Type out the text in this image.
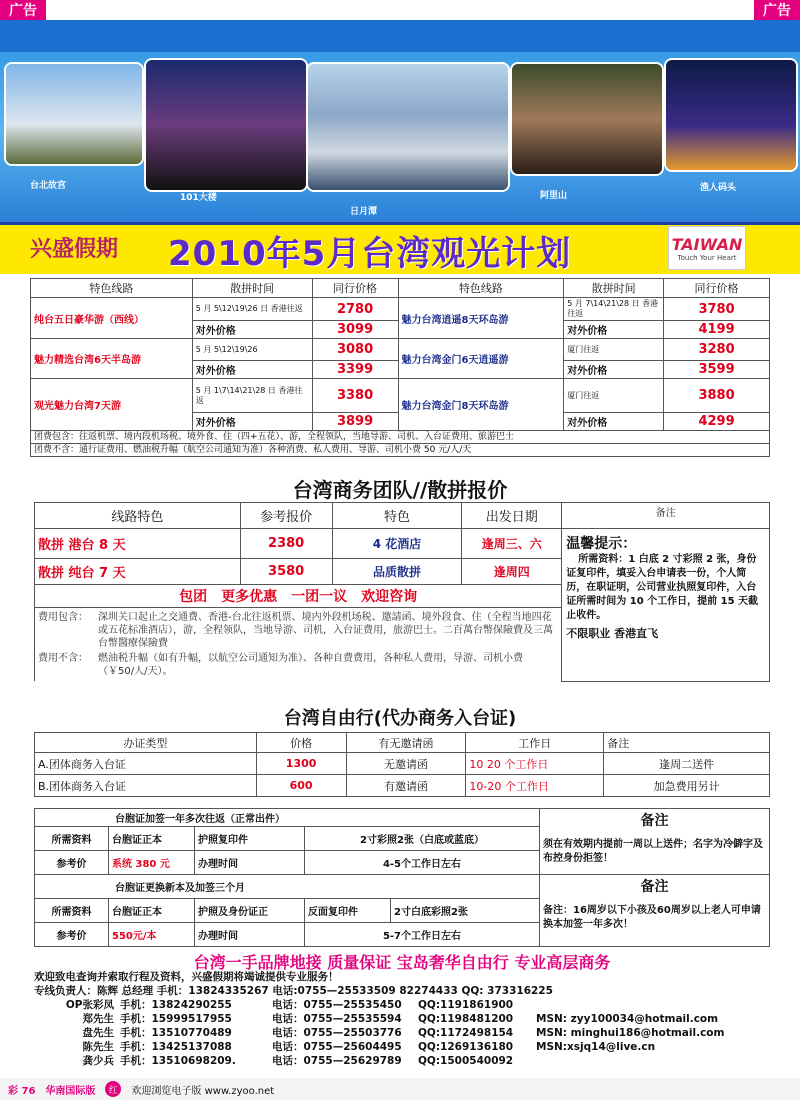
广告	广告
台北故宫
101大楼
日月潭
阿里山
渔人码头
兴盛假期 2010年5月台湾观光计划	TAIWAN
Touch Your Heart
特色线路	散拼时间	同行价格	特色线路	散拼时间	同行价格
纯台五日豪华游（西线）	5 月 5\12\19\26 日 香港往返	2780	魅力台湾逍遥8天环岛游	5 月 7\14\21\28 日 香港往返	3780
	对外价格	3099		对外价格	4199
魅力精选台湾6天半岛游	5 月 5\12\19\26	3080	魅力台湾金门6天逍遥游	厦门往返	3280
	对外价格	3399		对外价格	3599
观光魅力台湾7天游	5 月 1\7\14\21\28 日 香港往返	3380	魅力台湾金门8天环岛游	厦门往返	3880
	对外价格	3899		对外价格	4299
团费包含：往返机票、境内段机场税、境外食、住（四+五花）、游，全程领队，当地导游、司机、入台证费用、旅游巴士					
团费不含：通行证费用、燃油税升幅（航空公司通知为准）各种消费、私人费用、导游、司机小费 50 元/人/天					
台湾商务团队//散拼报价
线路特色	参考报价	特色	出发日期	备注
散拼 港台 8 天	2380	4 花酒店	逢周三、六	温馨提示：
所需资料：1 白底 2 寸彩照 2 张，身份证复印件，填妥入台申请表一份，个人简历，在职证明，公司营业执照复印件，入台证所需时间为 10 个工作日，提前 15 天截止收件。
不限职业 香港直飞

散拼 纯台 7 天	3580	品质散拼	逢周四	
包团　更多优惠　一团一议　欢迎咨询				

费用包含： 深圳关口起止之交通费、香港-台北往返机票、境内外段机场税、邀請函、境外段食、住（全程当地四花或五花标准酒店），游，全程领队，当地导游、司机，入台证费用，旅游巴士。二百萬台幣保險費及三萬台幣醫療保險費
费用不含： 燃油税升幅（如有升幅，以航空公司通知为准）、各种自费费用，各种私人费用，导游、司机小费（￥50/人/天）。				
台湾自由行(代办商务入台证)
办证类型	价格	有无邀请函	工作日	备注
A.团体商务入台证	1300	无邀请函	10 20 个工作日	逢周二送件
B.团体商务入台证	600	有邀请函	10-20 个工作日	加急费用另计
台胞证加签一年多次往返（正常出件）					备注
须在有效期内提前一周以上送件；名字为冷僻字及布控身份拒签！

所需资料	台胞证正本	护照复印件	2寸彩照2张（白底或蓝底）		
参考价	系统 380 元	办理时间	4-5个工作日左右		
台胞证更换新本及加签三个月					备注
备注：16周岁以下小孩及60周岁以上老人可申请换本加签一年多次！

所需资料	台胞证正本	护照及身份证正	反面复印件	2寸白底彩照2张	
参考价	550元/本	办理时间	5-7个工作日左右		
台湾一手品牌地接 质量保证 宝岛奢华自由行 专业高层商务
欢迎致电查询并索取行程及资料，兴盛假期将竭诚提供专业服务！
专线负责人：陈辉 总经理 手机：13824335267 电话:0755—25533509 82274433 QQ: 373316225
OP张彩凤 手机：13824290255	电话：0755—25535450	QQ:1191861900
郑先生 手机：15999517955	电话：0755—25535594	QQ:1198481200	MSN: zyy100034@hotmail.com
盘先生 手机：13510770489	电话：0755—25503776	QQ:1172498154	MSN: minghui186@hotmail.com
陈先生 手机：13425137088	电话：0755—25604495	QQ:1269136180	MSN:xsjq14@live.cn
龚少兵 手机：13510698209.	电话：0755—25629789	QQ:1500540092
彩 76 华南国际版	红	欢迎浏览电子版 www.zyoo.net
